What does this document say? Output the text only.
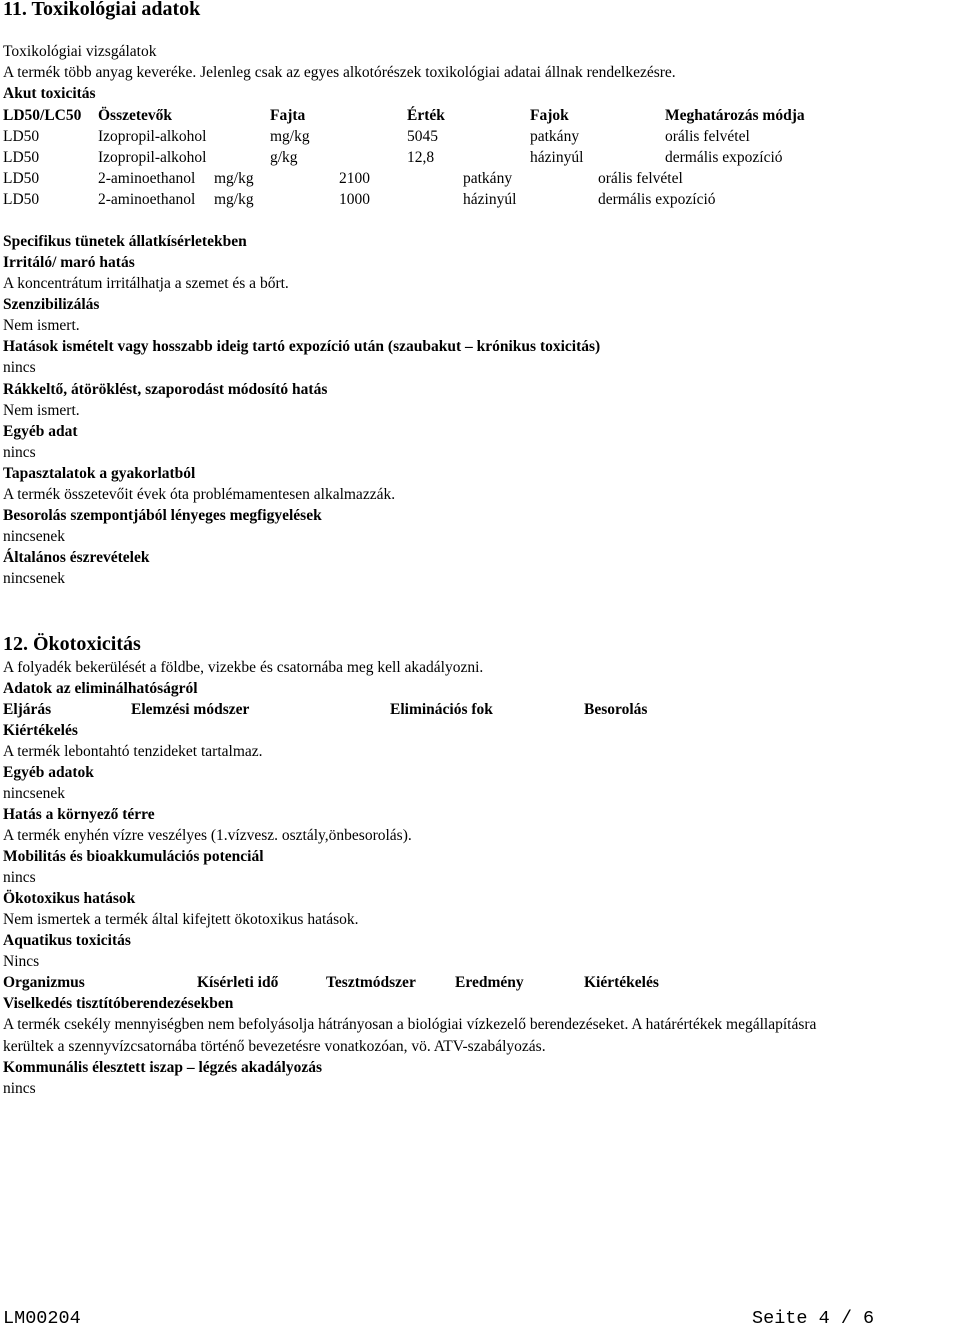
11. Toxikológiai adatok
Toxikológiai vizsgálatok
A termék több anyag keveréke. Jelenleg csak az egyes alkotórészek toxikológiai adatai állnak rendelkezésre.
Akut toxicitás
LD50/LC50 Összetevők	Fajta	Érték	Fajok	Meghatározás módja
LD50	Izopropil-alkohol	mg/kg	5045	patkány	orális felvétel
LD50	Izopropil-alkohol	g/kg	12,8	házinyúl	dermális expozíció
LD50	2-aminoethanol mg/kg	2100	patkány	orális felvétel
LD50	2-aminoethanol mg/kg	1000	házinyúl	dermális expozíció
Specifikus tünetek állatkísérletekben
Irritáló/ maró hatás
A koncentrátum irritálhatja a szemet és a bőrt.
Szenzibilizálás
Nem ismert.
Hatások ismételt vagy hosszabb ideig tartó expozíció után (szaubakut – krónikus toxicitás)
nincs
Rákkeltő, átöröklést, szaporodást módosító hatás
Nem ismert.
Egyéb adat
nincs
Tapasztalatok a gyakorlatból
A termék összetevőit évek óta problémamentesen alkalmazzák.
Besorolás szempontjából lényeges megfigyelések
nincsenek
Általános észrevételek
nincsenek
12. Ökotoxicitás
A folyadék bekerülését a földbe, vizekbe és csatornába meg kell akadályozni.
Adatok az eliminálhatóságról
Eljárás	Elemzési módszer	Eliminációs fok	Besorolás
Kiértékelés
A termék lebontahtó tenzideket tartalmaz.
Egyéb adatok
nincsenek
Hatás a környező térre
A termék enyhén vízre veszélyes (1.vízvesz. osztály,önbesorolás).
Mobilitás és bioakkumulációs potenciál
nincs
Ökotoxikus hatások
Nem ismertek a termék által kifejtett ökotoxikus hatások.
Aquatikus toxicitás
Nincs
Organizmus	Kísérleti idő	Tesztmódszer	Eredmény	Kiértékelés
Viselkedés tisztítóberendezésekben
A termék csekély mennyiségben nem befolyásolja hátrányosan a biológiai vízkezelő berendezéseket. A határértékek megállapításra
kerültek a szennyvízcsatornába történő bevezetésre vonatkozóan, vö. ATV-szabályozás.
Kommunális élesztett iszap – légzés akadályozás
nincs
LM00204	Seite 4 / 6
